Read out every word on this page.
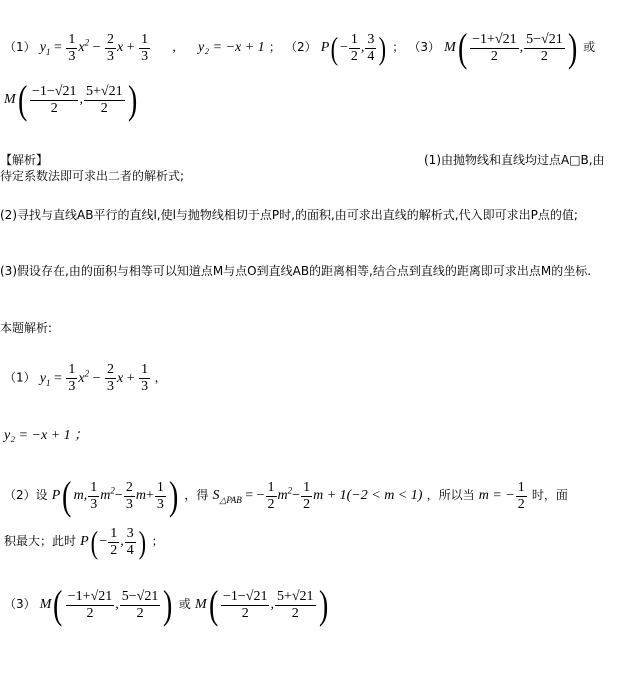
（1） $y_1 = \frac{1}{3} x^2 - \frac{2}{3}$ $x + \frac{1}{3}$ , y₂ = −x + 1 ； （2） $P( - \frac{1}{2}$ , $\frac{3}{4}$ ) ； （3） $M( \frac{-1+√21}{2}$ , $\frac{5-√21}{2}$ ) 或
$M( \frac{-1-√21}{2}$ , $\frac{5+√21}{2}$ )
【解析】	(1)由抛物线和直线均过点A□B,由
待定系数法即可求出二者的解析式;
(2)寻找与直线AB平行的直线l,使l与抛物线相切于点P时,的面积,由可求出直线的解析式,代入即可求出P点的值;
(3)假设存在,由的面积与相等可以知道点M与点O到直线AB的距离相等,结合点到直线的距离即可求出点M的坐标.
本题解析:
（1） $y_1 = \frac{1}{3} x^2 - \frac{2}{3}$ $x + \frac{1}{3}$ ，
y₂ = −x + 1 ；
（2）设 P( m, $\frac{1}{3} m^2- \frac{2}{3} m+ \frac{1}{3}$ ) ，得 $S_{\triangle PAB}$ = − $\frac{1}{2} m^2- \frac{1}{2}$ m + 1(−2 < m < 1) ，所以当 m = − $\frac{1}{2}$ 时，面
积最大；此时 $P( - \frac{1}{2}$ , $\frac{3}{4}$ ) ；
（3） $M( \frac{-1+√21}{2}$ , $\frac{5-√21}{2}$ ) 或 $M( \frac{-1-√21}{2}$ , $\frac{5+√21}{2}$ )
